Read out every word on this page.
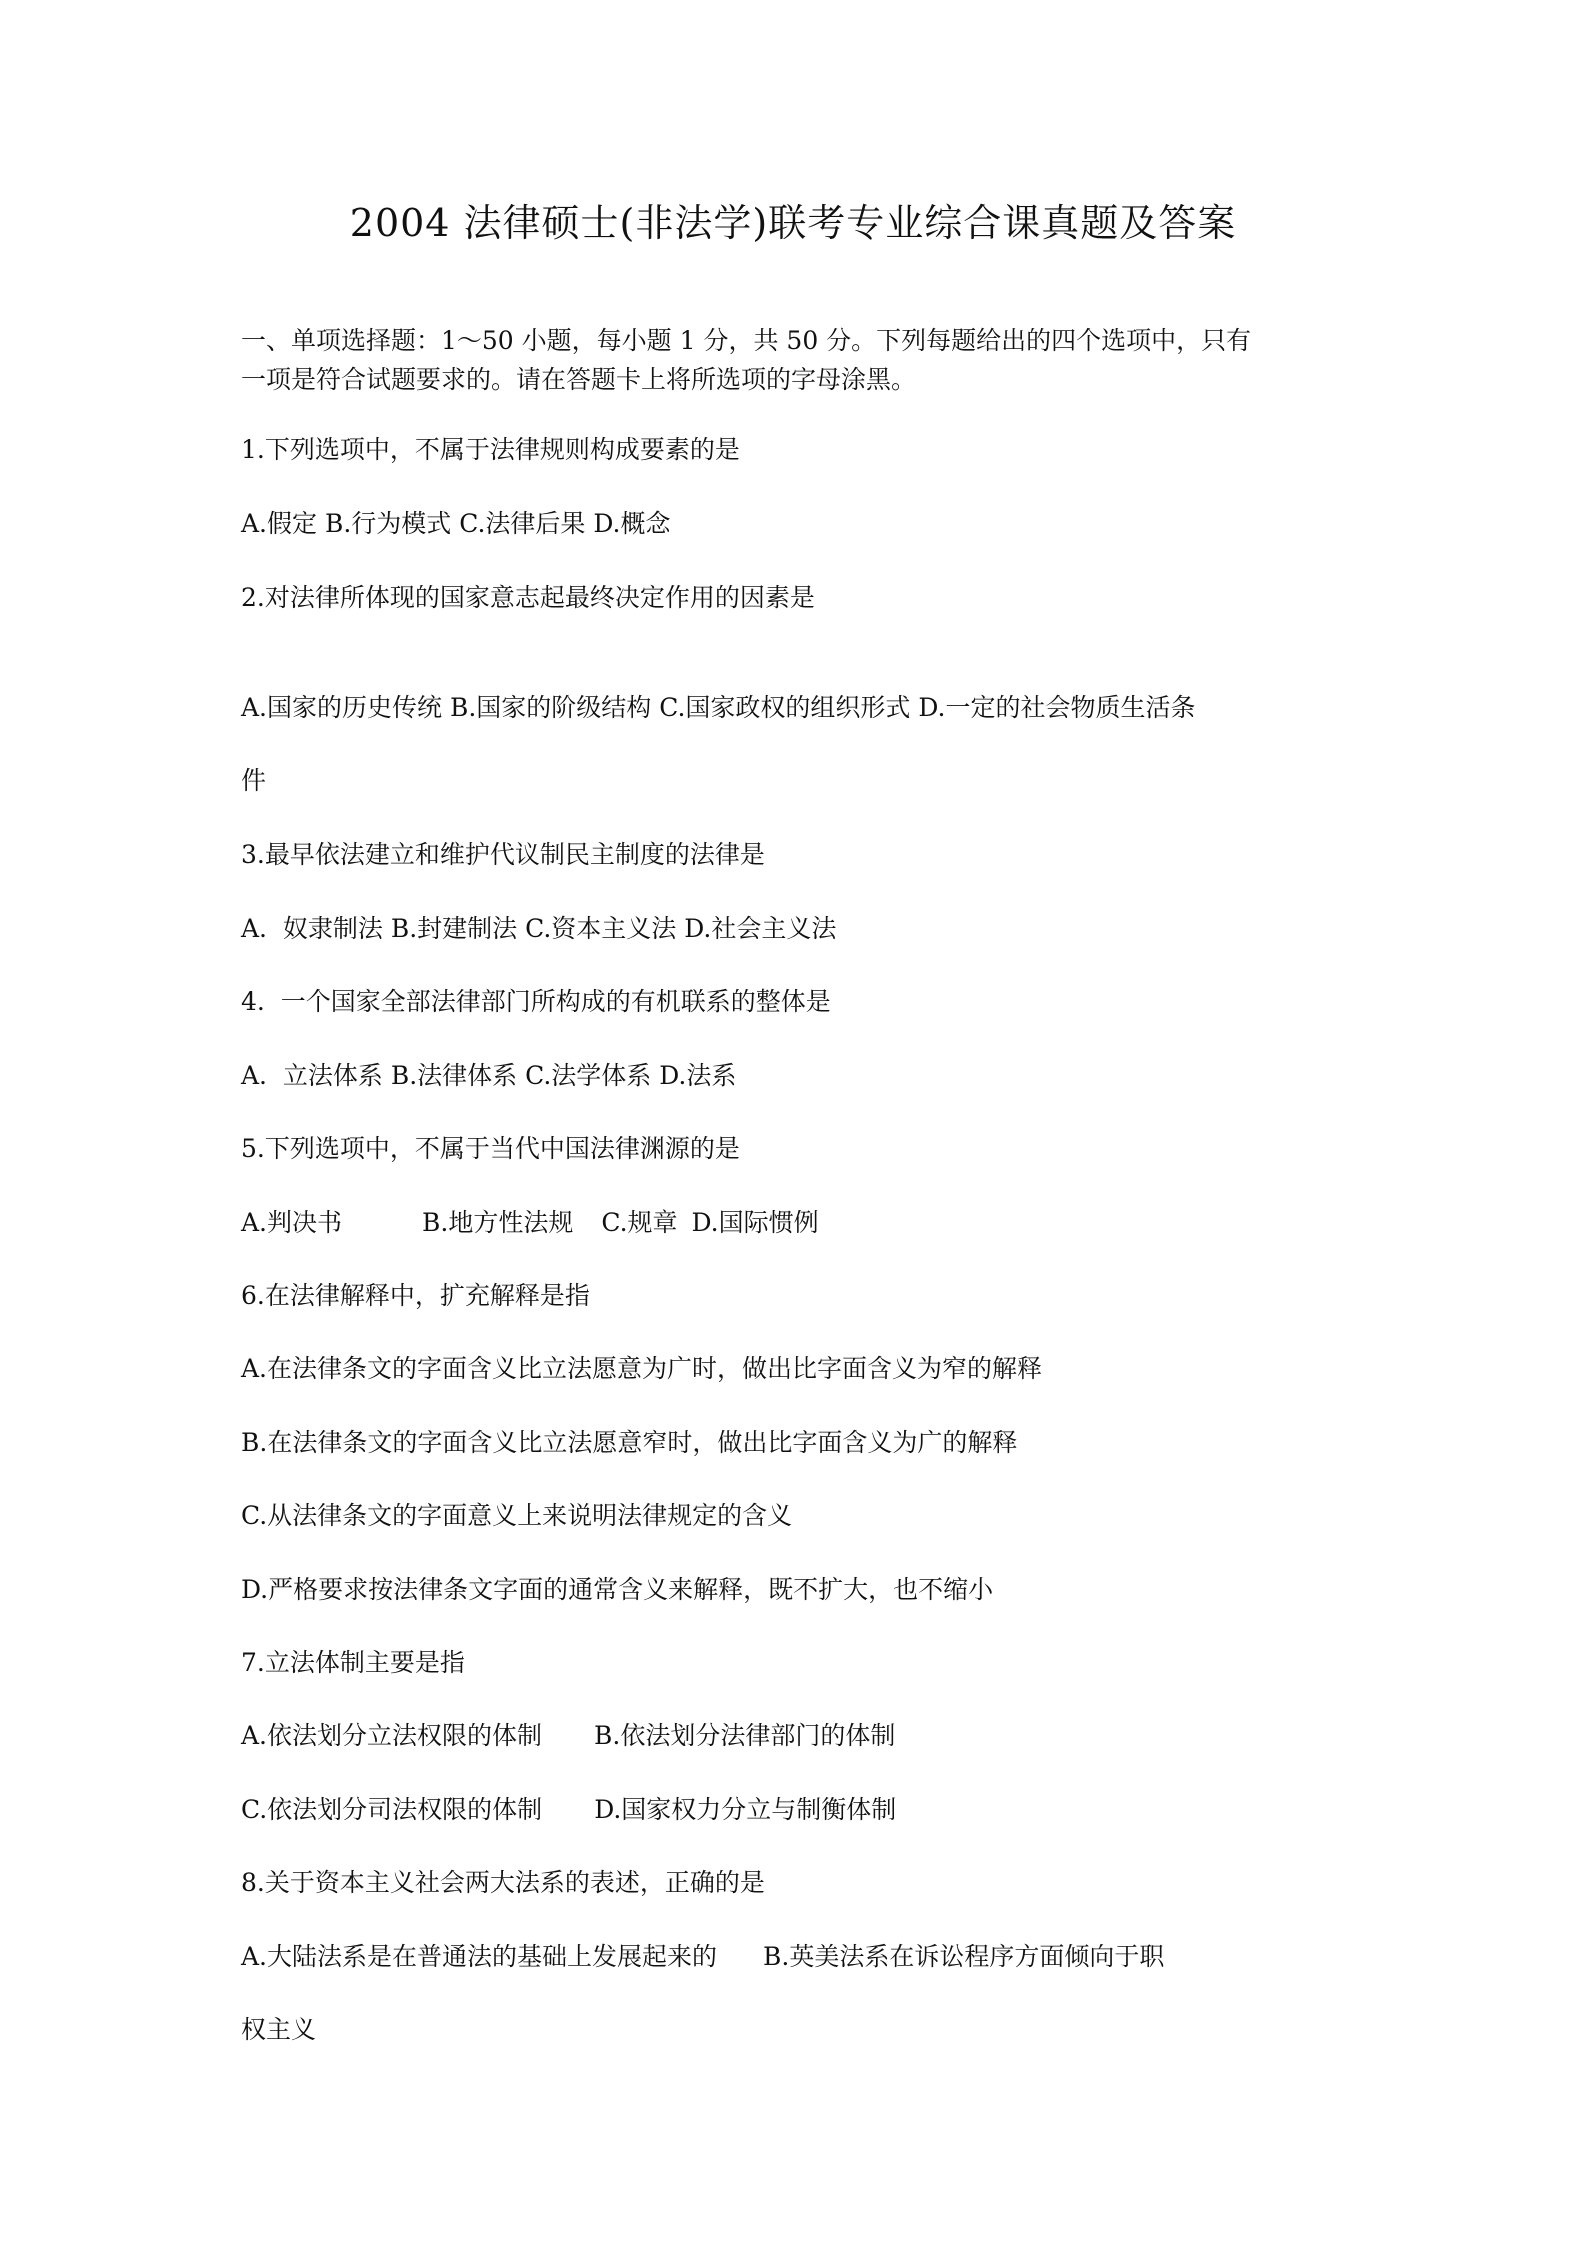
2004 法律硕士(非法学)联考专业综合课真题及答案
一、单项选择题：1～50 小题，每小题 1 分，共 50 分。下列每题给出的四个选项中，只有
一项是符合试题要求的。请在答题卡上将所选项的字母涂黑。
1.下列选项中，不属于法律规则构成要素的是
A.假定 B.行为模式 C.法律后果 D.概念
2.对法律所体现的国家意志起最终决定作用的因素是
A.国家的历史传统 B.国家的阶级结构 C.国家政权的组织形式 D.一定的社会物质生活条
件
3.最早依法建立和维护代议制民主制度的法律是
A.  奴隶制法 B.封建制法 C.资本主义法 D.社会主义法
4.  一个国家全部法律部门所构成的有机联系的整体是
A.  立法体系 B.法律体系 C.法学体系 D.法系
5.下列选项中，不属于当代中国法律渊源的是
A.判决书	B.地方性法规 C.规章 D.国际惯例
6.在法律解释中，扩充解释是指
A.在法律条文的字面含义比立法愿意为广时，做出比字面含义为窄的解释
B.在法律条文的字面含义比立法愿意窄时，做出比字面含义为广的解释
C.从法律条文的字面意义上来说明法律规定的含义
D.严格要求按法律条文字面的通常含义来解释，既不扩大，也不缩小
7.立法体制主要是指
A.依法划分立法权限的体制 B.依法划分法律部门的体制
C.依法划分司法权限的体制 D.国家权力分立与制衡体制
8.关于资本主义社会两大法系的表述，正确的是
A.大陆法系是在普通法的基础上发展起来的 B.英美法系在诉讼程序方面倾向于职
权主义
